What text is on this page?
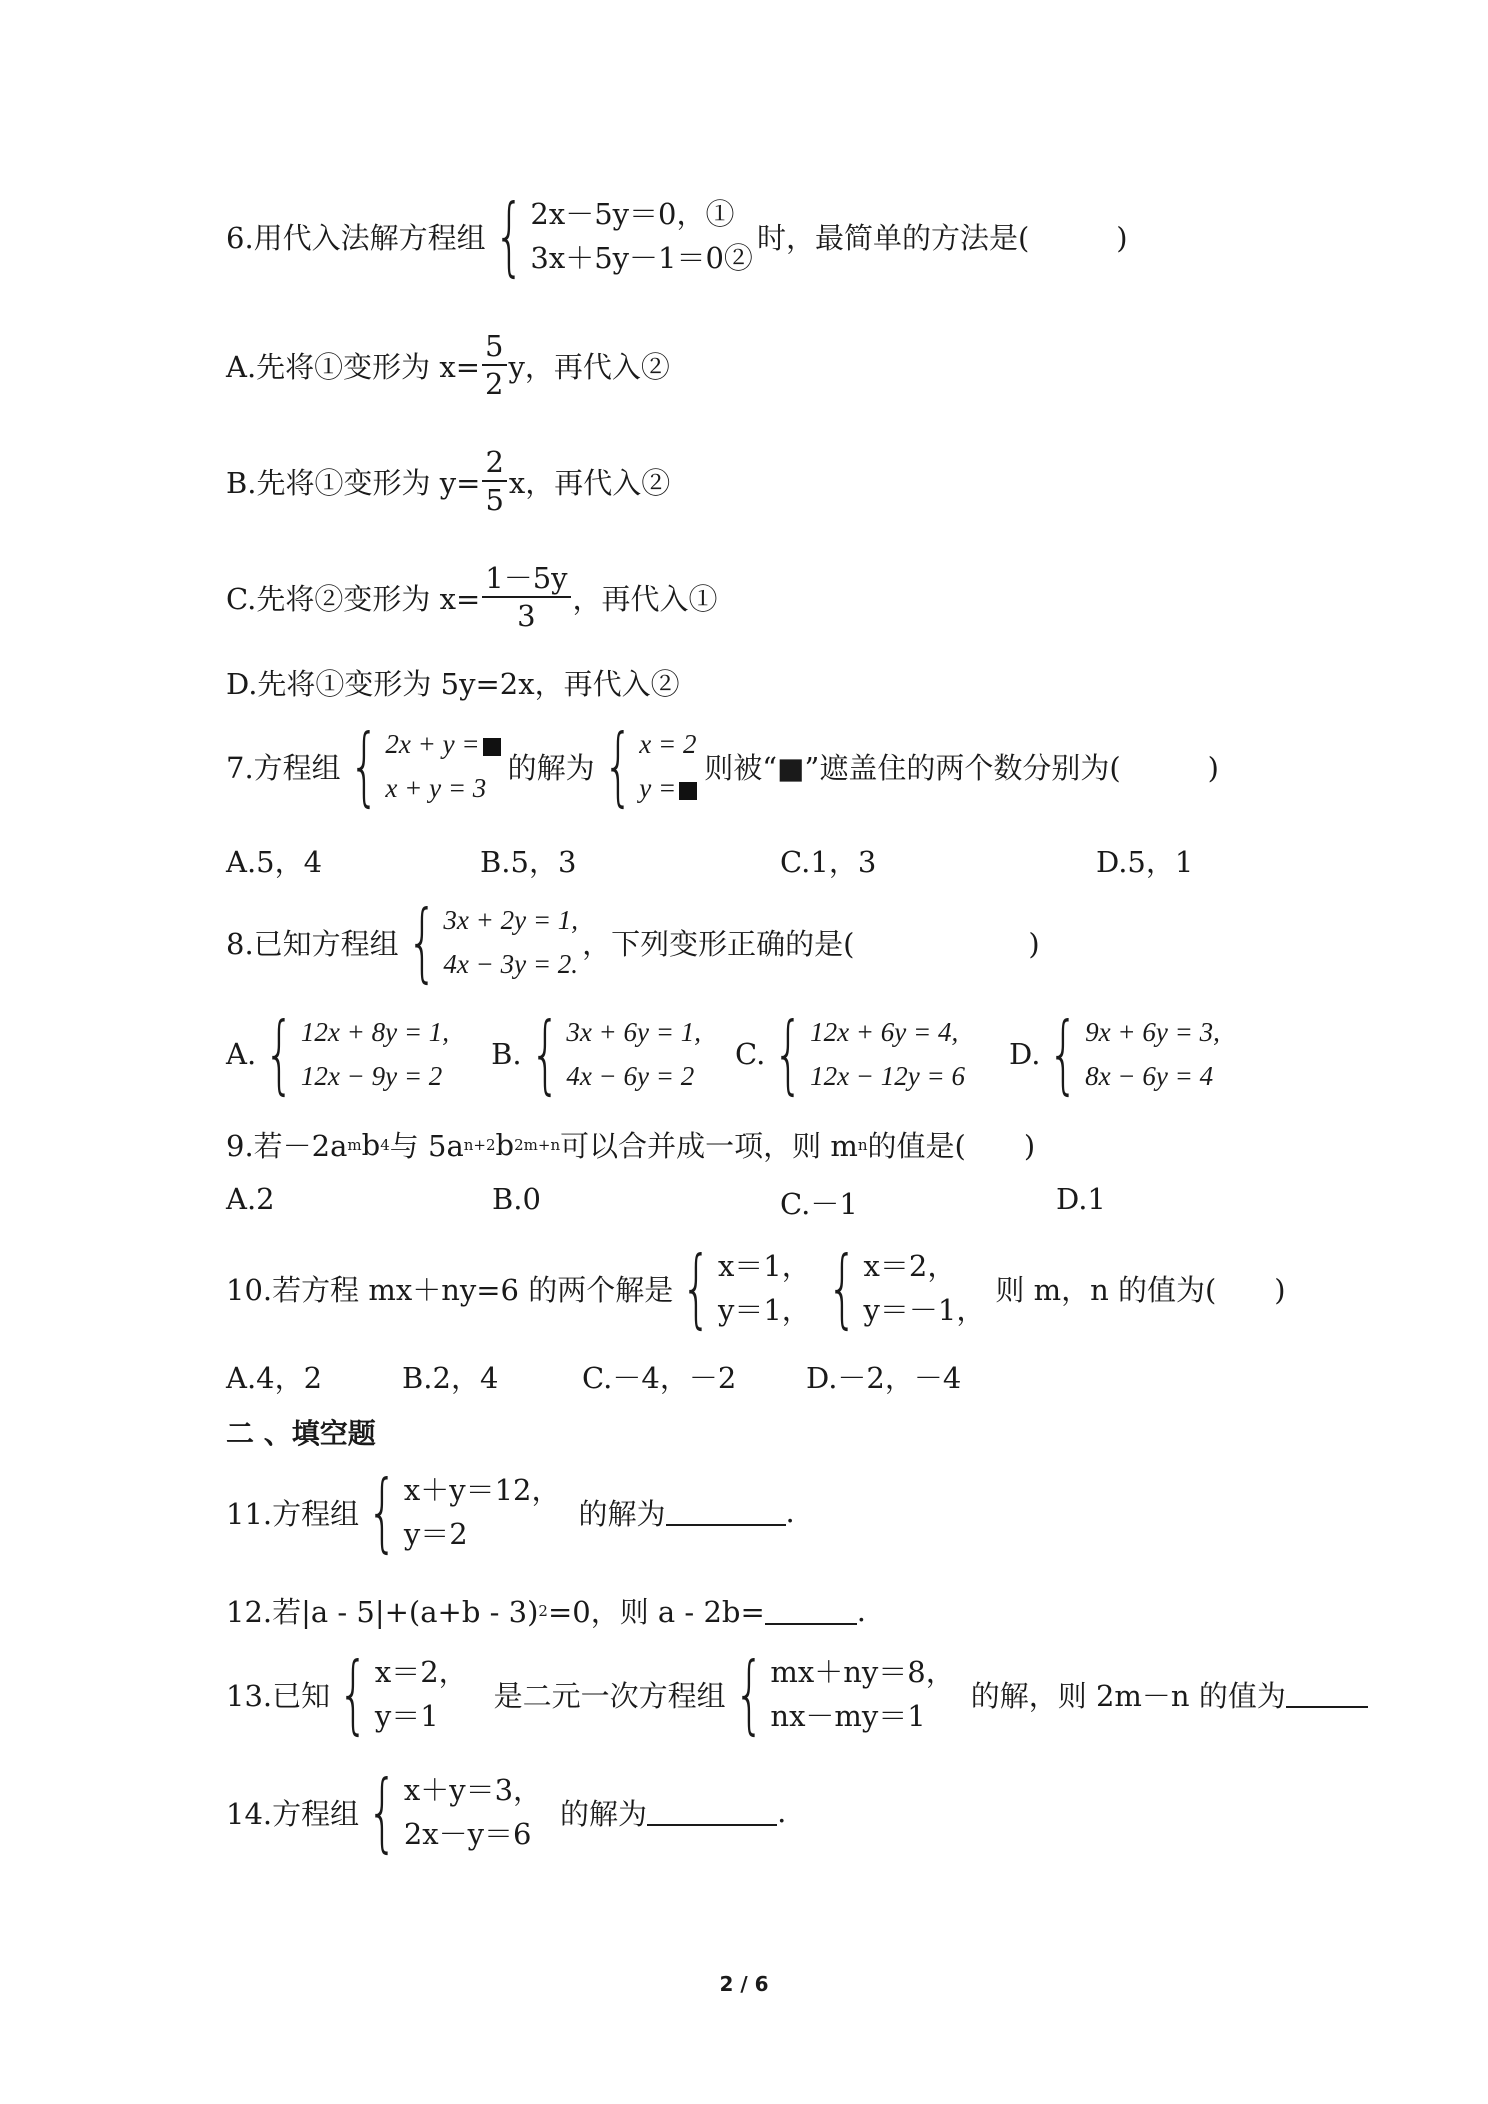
6.用代入法解方程组 { 2x－5y＝0，①
3x＋5y－1＝0②
时，最简单的方法是(　　　)
A.先将①变形为 $x= \frac{5}{2}$ y，再代入②
B.先将①变形为 $y= \frac{2}{5}$ x，再代入②
C.先将②变形为 $x= \frac{1-5y}{3}$ ，再代入①
D.先将①变形为 5y=2x，再代入②
7.方程组 { 2x + y =
x + y = 3
的解为 { x = 2
y =
则被“■”遮盖住的两个数分别为(　　　)
A.5，4	B.5，3	C.1，3	D.5，1
8.已知方程组 { 3x + 2y = 1,
4x − 3y = 2.
，下列变形正确的是(　　　　　　)
A. { 12x + 8y = 1,
12x − 9y = 2
B. { 3x + 6y = 1,
4x − 6y = 2
C. { 12x + 6y = 4,
12x − 12y = 6
D. { 9x + 6y = 3,
8x − 6y = 4
9.若－2a m b 4 与 5a n+2 b 2m+n 可以合并成一项，则 m n 的值是(　　)
A.2	B.0	C.－1	D.1
10.若方程 mx＋ny=6 的两个解是 { x＝1，
y＝1， { x＝2，
y＝－1，
则 m，n 的值为(　　)
A.4，2	B.2，4	C.－4，－2 D.－2，－4
二 、填空题
11.方程组 { x＋y＝12，
y＝2
的解为	.
12.若|a - 5|+(a+b - 3) 2 =0，则 a - 2b=	.
13.已知 { x＝2，
y＝1
是二元一次方程组 { mx＋ny＝8，
nx－my＝1
的解，则 2m－n 的值为
14.方程组 { x＋y＝3，
2x－y＝6
的解为	.
2 / 6
